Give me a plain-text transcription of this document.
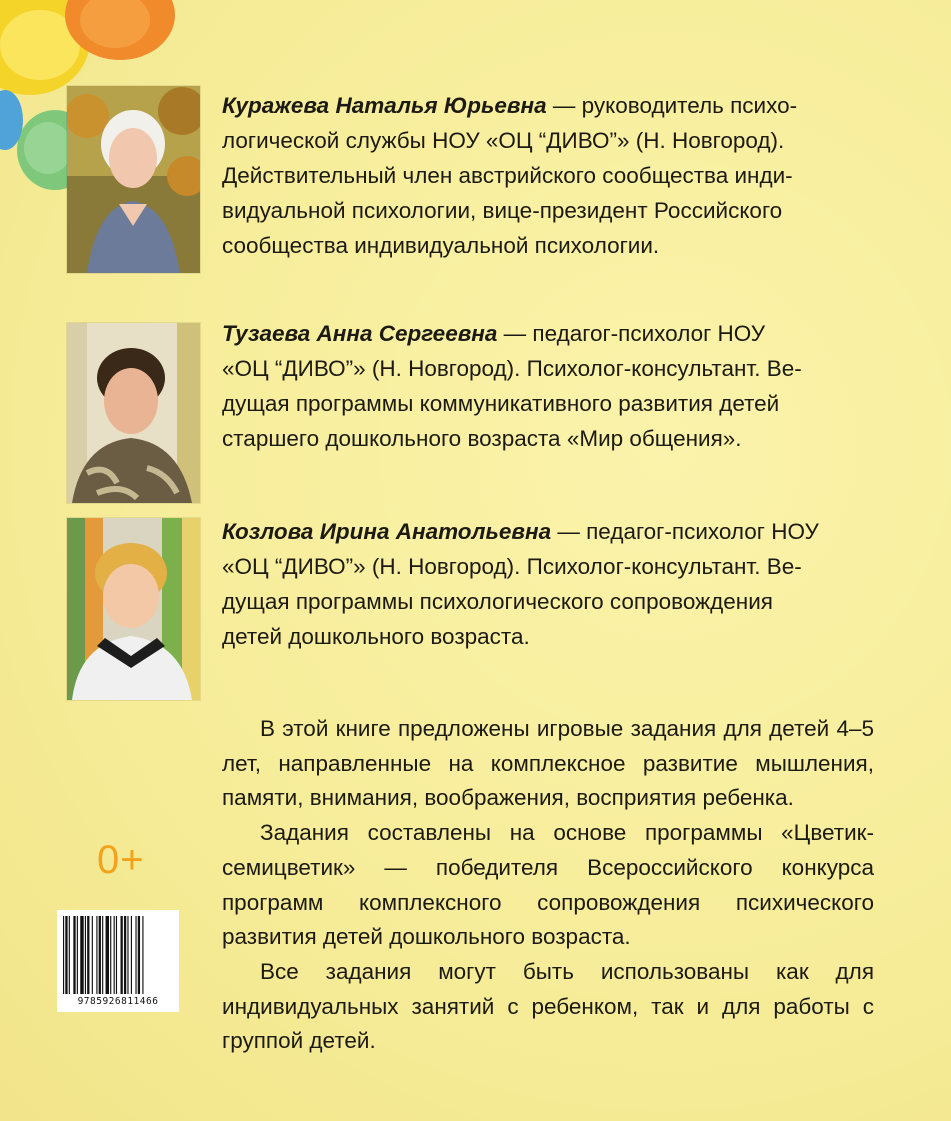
Куражева Наталья Юрьевна — руководитель психо-
логической службы НОУ «ОЦ “ДИВО”» (Н. Новгород).
Действительный член австрийского сообщества инди-
видуальной психологии, вице-президент Российского
сообщества индивидуальной психологии.
Тузаева Анна Сергеевна — педагог-психолог НОУ
«ОЦ “ДИВО”» (Н. Новгород). Психолог-консультант. Ве-
дущая программы коммуникативного развития детей
старшего дошкольного возраста «Мир общения».
Козлова Ирина Анатольевна — педагог-психолог НОУ
«ОЦ “ДИВО”» (Н. Новгород). Психолог-консультант. Ве-
дущая программы психологического сопровождения
детей дошкольного возраста.

В этой книге предложены игровые задания для детей 4–5 лет, направленные на комплексное развитие мышления, памяти, внимания, воображения, восприятия ребенка.

Задания составлены на основе программы «Цветик-семицветик» — победителя Всероссийского конкурса программ комплексного сопровождения психического развития детей дошкольного возраста.

Все задания могут быть использованы как для индивидуальных занятий с ребенком, так и для работы с группой детей.

0+
9785926811466
